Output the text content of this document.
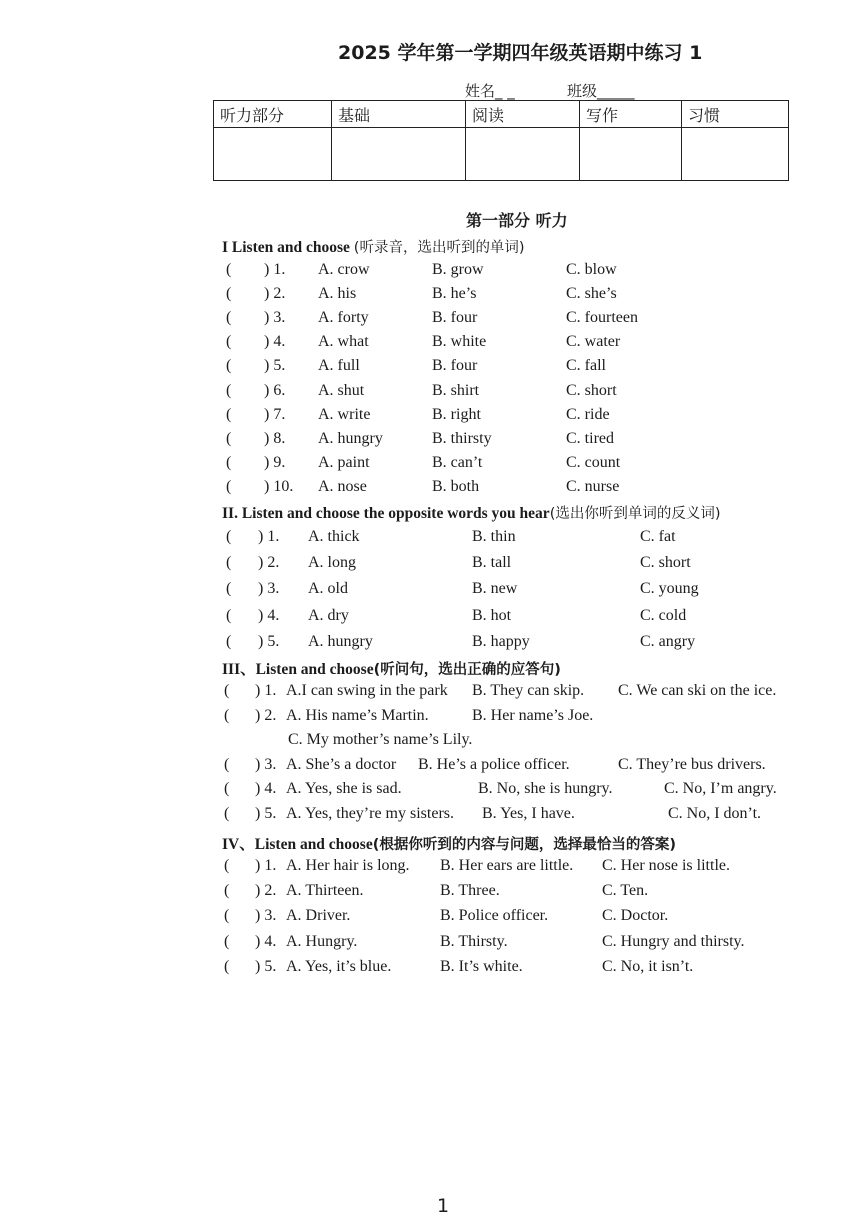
2025 学年第一学期四年级英语期中练习 1
姓名_ _	班级_____
听力部分	基础	阅读	写作	习惯

第一部分 听力
I Listen and choose (听录音，选出听到的单词)
( ) 1. A. crow	B. grow	C. blow
( ) 2. A. his	B. he’s	C. she’s
( ) 3. A. forty	B. four	C. fourteen
( ) 4. A. what	B. white	C. water
( ) 5. A. full	B. four	C. fall
( ) 6. A. shut	B. shirt	C. short
( ) 7. A. write	B. right	C. ride
( ) 8. A. hungry	B. thirsty	C. tired
( ) 9. A. paint	B. can’t	C. count
( ) 10. A. nose	B. both	C. nurse
II. Listen and choose the opposite words you hear(选出你听到单词的反义词)
( ) 1. A. thick	B. thin	C. fat
( ) 2. A. long	B. tall	C. short
( ) 3. A. old	B. new	C. young
( ) 4. A. dry	B. hot	C. cold
( ) 5. A. hungry	B. happy	C. angry
III、Listen and choose(听问句，选出正确的应答句)
( ) 1. A.I can swing in the park B. They can skip. C. We can ski on the ice.
( ) 2. A. His name’s Martin.	B. Her name’s Joe.
C. My mother’s name’s Lily.
( ) 3. A. She’s a doctor B. He’s a police officer.	C. They’re bus drivers.
( ) 4. A. Yes, she is sad.	B. No, she is hungry.	C. No, I’m angry.
( ) 5. A. Yes, they’re my sisters. B. Yes, I have.	C. No, I don’t.
IV、Listen and choose(根据你听到的内容与问题，选择最恰当的答案)
( ) 1. A. Her hair is long. B. Her ears are little. C. Her nose is little.
( ) 2. A. Thirteen.	B. Three.	C. Ten.
( ) 3. A. Driver.	B. Police officer.	C. Doctor.
( ) 4. A. Hungry.	B. Thirsty.	C. Hungry and thirsty.
( ) 5. A. Yes, it’s blue.	B. It’s white.	C. No, it isn’t.
1
